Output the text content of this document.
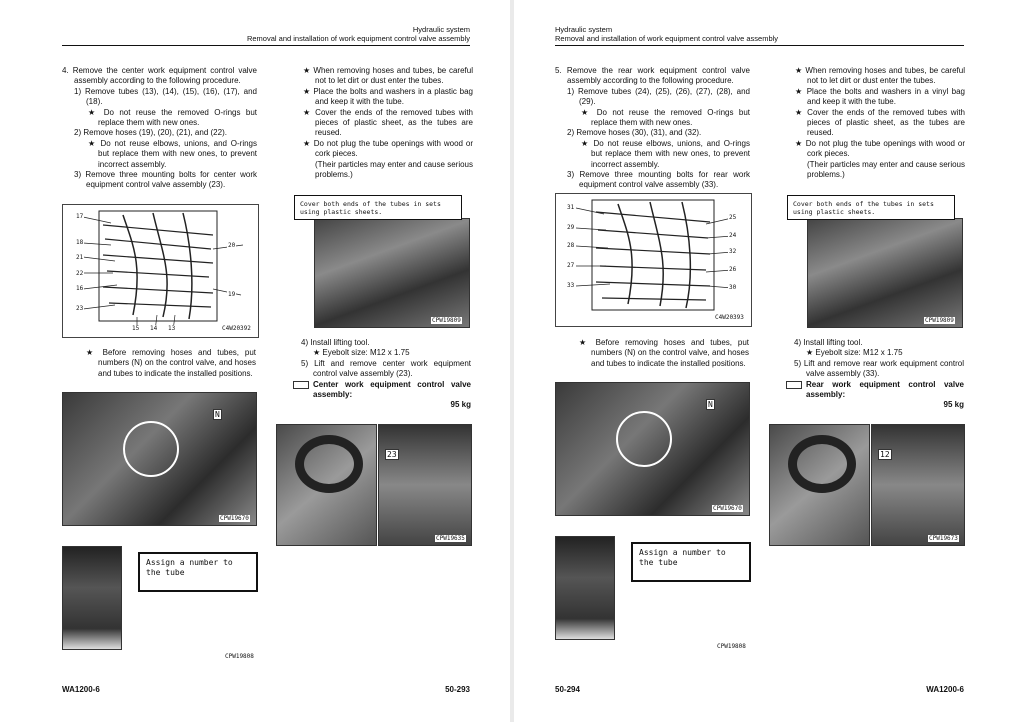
Hydraulic system
Removal and installation of work equipment control valve assembly

4. Remove the center work equipment control valve assembly according to the following procedure.

1) Remove tubes (13), (14), (15), (16), (17), and (18).

★ Do not reuse the removed O-rings but replace them with new ones.

2) Remove hoses (19), (20), (21), and (22).

★ Do not reuse elbows, unions, and O-rings but replace them with new ones, to prevent incorrect assembly.

3) Remove three mounting bolts for center work equipment control valve assembly (23).

17
18
21
22
16
23
20
19
15 14 13	C4W20392

★ Before removing hoses and tubes, put numbers (N) on the control valve, and hoses and tubes to indicate the installed positions.

N
CPW19670
Assign a number to the tube
CPW19808

★ When removing hoses and tubes, be careful not to let dirt or dust enter the tubes.

★ Place the bolts and washers in a plastic bag and keep it with the tube.

★ Cover the ends of the removed tubes with pieces of plastic sheet, as the tubes are reused.

★ Do not plug the tube openings with wood or cork pieces.

(Their particles may enter and cause serious problems.)

CPW19809
Cover both ends of the tubes in sets using plastic sheets.

4) Install lifting tool.

★ Eyebolt size: M12 x 1.75

5) Lift and remove center work equipment control valve assembly (23).

Center work equipment control valve assembly:

95 kg

23
CPW19635
WA1200-6	50-293
Hydraulic system
Removal and installation of work equipment control valve assembly

5. Remove the rear work equipment control valve assembly according to the following procedure.

1) Remove tubes (24), (25), (26), (27), (28), and (29).

★ Do not reuse the removed O-rings but replace them with new ones.

2) Remove hoses (30), (31), and (32).

★ Do not reuse elbows, unions, and O-rings but replace them with new ones, to prevent incorrect assembly.

3) Remove three mounting bolts for rear work equipment control valve assembly (33).

31
29
28
27
33
25
24
32
26
30
C4W20393

★ Before removing hoses and tubes, put numbers (N) on the control valve, and hoses and tubes to indicate the installed positions.

N
CPW19670
Assign a number to the tube
CPW19808

★ When removing hoses and tubes, be careful not to let dirt or dust enter the tubes.

★ Place the bolts and washers in a vinyl bag and keep it with the tube.

★ Cover the ends of the removed tubes with pieces of plastic sheet, as the tubes are reused.

★ Do not plug the tube openings with wood or cork pieces.

(Their particles may enter and cause serious problems.)

CPW19809
Cover both ends of the tubes in sets using plastic sheets.

4) Install lifting tool.

★ Eyebolt size: M12 x 1.75

5) Lift and remove rear work equipment control valve assembly (33).

Rear work equipment control valve assembly:

95 kg

12
CPW19673
50-294	WA1200-6
